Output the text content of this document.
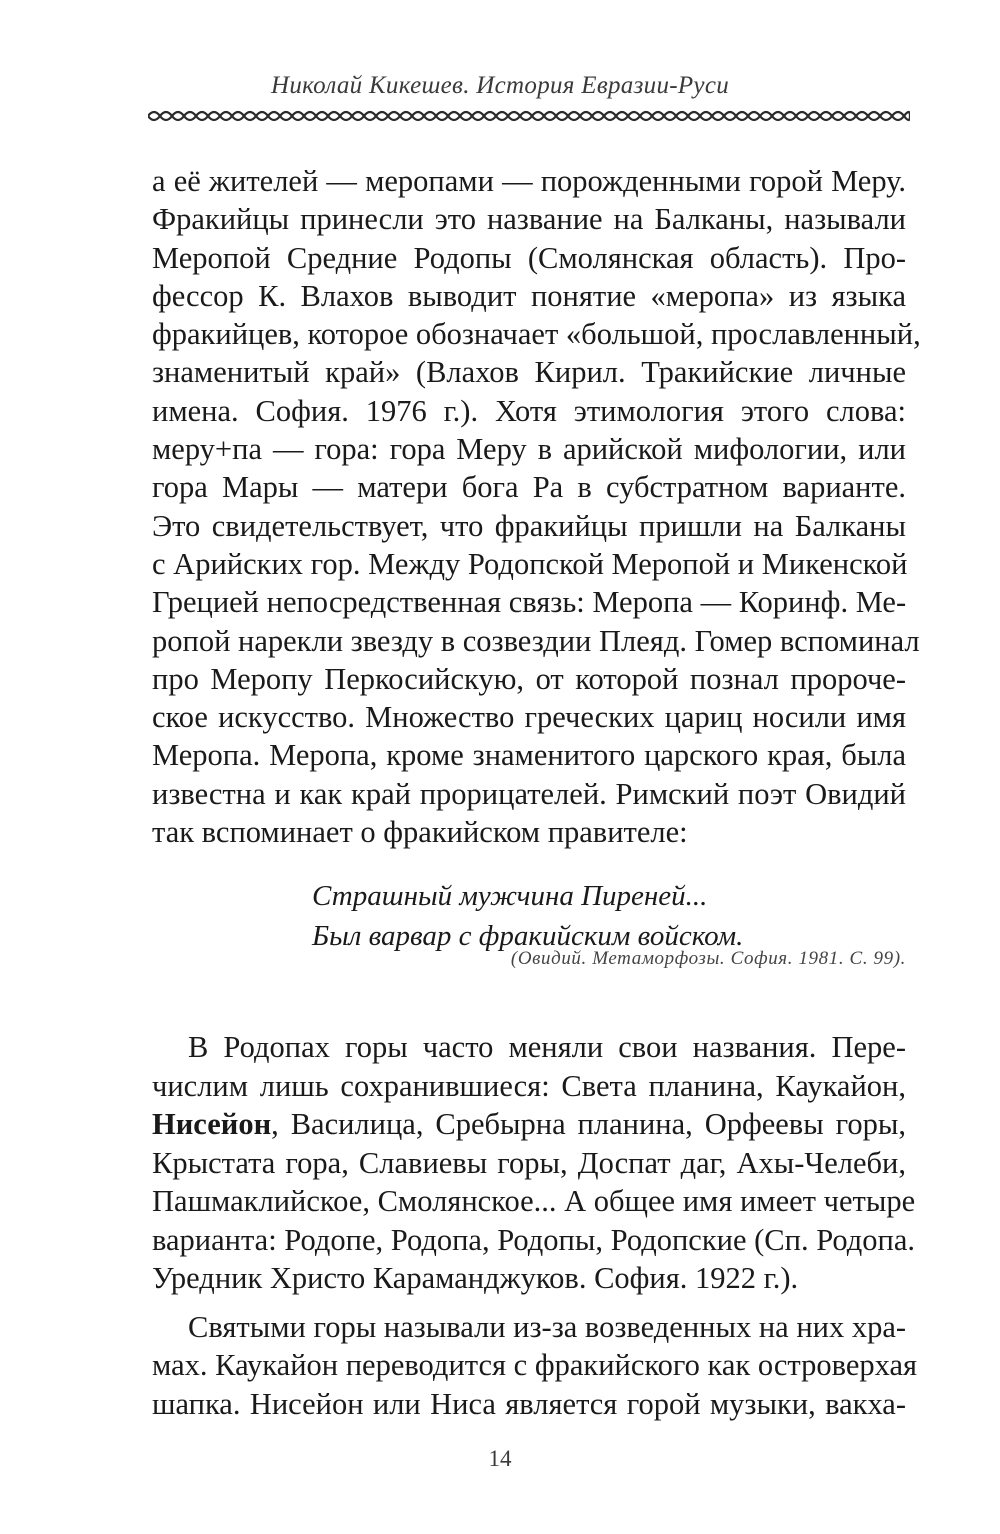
Николай Кикешев. История Евразии-Руси
а её жителей — меропами — порожденными горой Меру.
Фракийцы принесли это название на Балканы, называли
Меропой Средние Родопы (Смолянская область). Про-
фессор К. Влахов выводит понятие «меропа» из языка
фракийцев, которое обозначает «большой, прославленный,
знаменитый край» (Влахов Кирил. Тракийские личные
имена. София. 1976 г.). Хотя этимология этого слова:
меру+па — гора: гора Меру в арийской мифологии, или
гора Мары — матери бога Ра в субстратном варианте.
Это свидетельствует, что фракийцы пришли на Балканы
с Арийских гор. Между Родопской Меропой и Микенской
Грецией непосредственная связь: Меропа — Коринф. Ме-
ропой нарекли звезду в созвездии Плеяд. Гомер вспоминал
про Меропу Перкосийскую, от которой познал пророче-
ское искусство. Множество греческих цариц носили имя
Меропа. Меропа, кроме знаменитого царского края, была
известна и как край прорицателей. Римский поэт Овидий
так вспоминает о фракийском правителе:
Страшный мужчина Пиреней...
Был варвар с фракийским войском.
(Овидий. Метаморфозы. София. 1981. С. 99).
В Родопах горы часто меняли свои названия. Пере-
числим лишь сохранившиеся: Света планина, Каукайон,
Нисейон, Василица, Сребырна планина, Орфеевы горы,
Крыстата гора, Славиевы горы, Доспат даг, Ахы-Челеби,
Пашмаклийское, Смолянское... А общее имя имеет четыре
варианта: Родопе, Родопа, Родопы, Родопские (Сп. Родопа.
Уредник Христо Караманджуков. София. 1922 г.).
Святыми горы называли из-за возведенных на них хра-
мах. Каукайон переводится с фракийского как островерхая
шапка. Нисейон или Ниса является горой музыки, вакха-
14
